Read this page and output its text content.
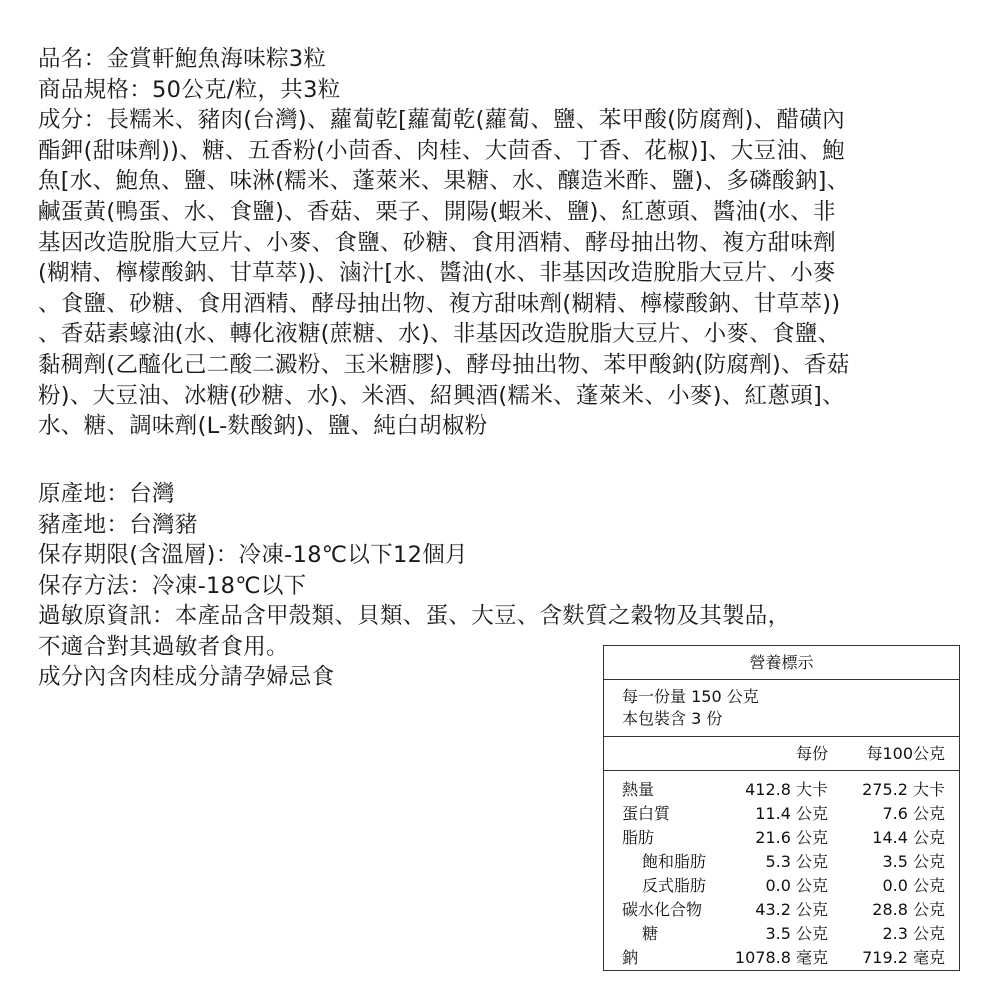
品名：金賞軒鮑魚海味粽3粒
商品規格：50公克/粒，共3粒
成分：長糯米、豬肉(台灣)、蘿蔔乾[蘿蔔乾(蘿蔔、鹽、苯甲酸(防腐劑)、醋磺內
酯鉀(甜味劑))、糖、五香粉(小茴香、肉桂、大茴香、丁香、花椒)]、大豆油、鮑
魚[水、鮑魚、鹽、味淋(糯米、蓬萊米、果糖、水、釀造米酢、鹽)、多磷酸鈉]、
鹹蛋黃(鴨蛋、水、食鹽)、香菇、栗子、開陽(蝦米、鹽)、紅蔥頭、醬油(水、非
基因改造脫脂大豆片、小麥、食鹽、砂糖、食用酒精、酵母抽出物、複方甜味劑
(糊精、檸檬酸鈉、甘草萃))、滷汁[水、醬油(水、非基因改造脫脂大豆片、小麥
、食鹽、砂糖、食用酒精、酵母抽出物、複方甜味劑(糊精、檸檬酸鈉、甘草萃))
、香菇素蠔油(水、轉化液糖(蔗糖、水)、非基因改造脫脂大豆片、小麥、食鹽、
黏稠劑(乙醯化己二酸二澱粉、玉米糖膠)、酵母抽出物、苯甲酸鈉(防腐劑)、香菇
粉)、大豆油、冰糖(砂糖、水)、米酒、紹興酒(糯米、蓬萊米、小麥)、紅蔥頭]、
水、糖、調味劑(L-麩酸鈉)、鹽、純白胡椒粉
原產地：台灣
豬產地：台灣豬
保存期限(含溫層)：冷凍-18℃以下12個月
保存方法：冷凍-18℃以下
過敏原資訊：本產品含甲殼類、貝類、蛋、大豆、含麩質之穀物及其製品，
不適合對其過敏者食用。
成分內含肉桂成分請孕婦忌食
營養標示
每一份量 150 公克
本包裝含 3 份
每份 每100公克
熱量	412.8 大卡 275.2 大卡
蛋白質	11.4 公克	7.6 公克
脂肪	21.6 公克	14.4 公克
飽和脂肪	5.3 公克	3.5 公克
反式脂肪	0.0 公克	0.0 公克
碳水化合物	43.2 公克	28.8 公克
糖	3.5 公克	2.3 公克
鈉	1078.8 毫克 719.2 毫克
